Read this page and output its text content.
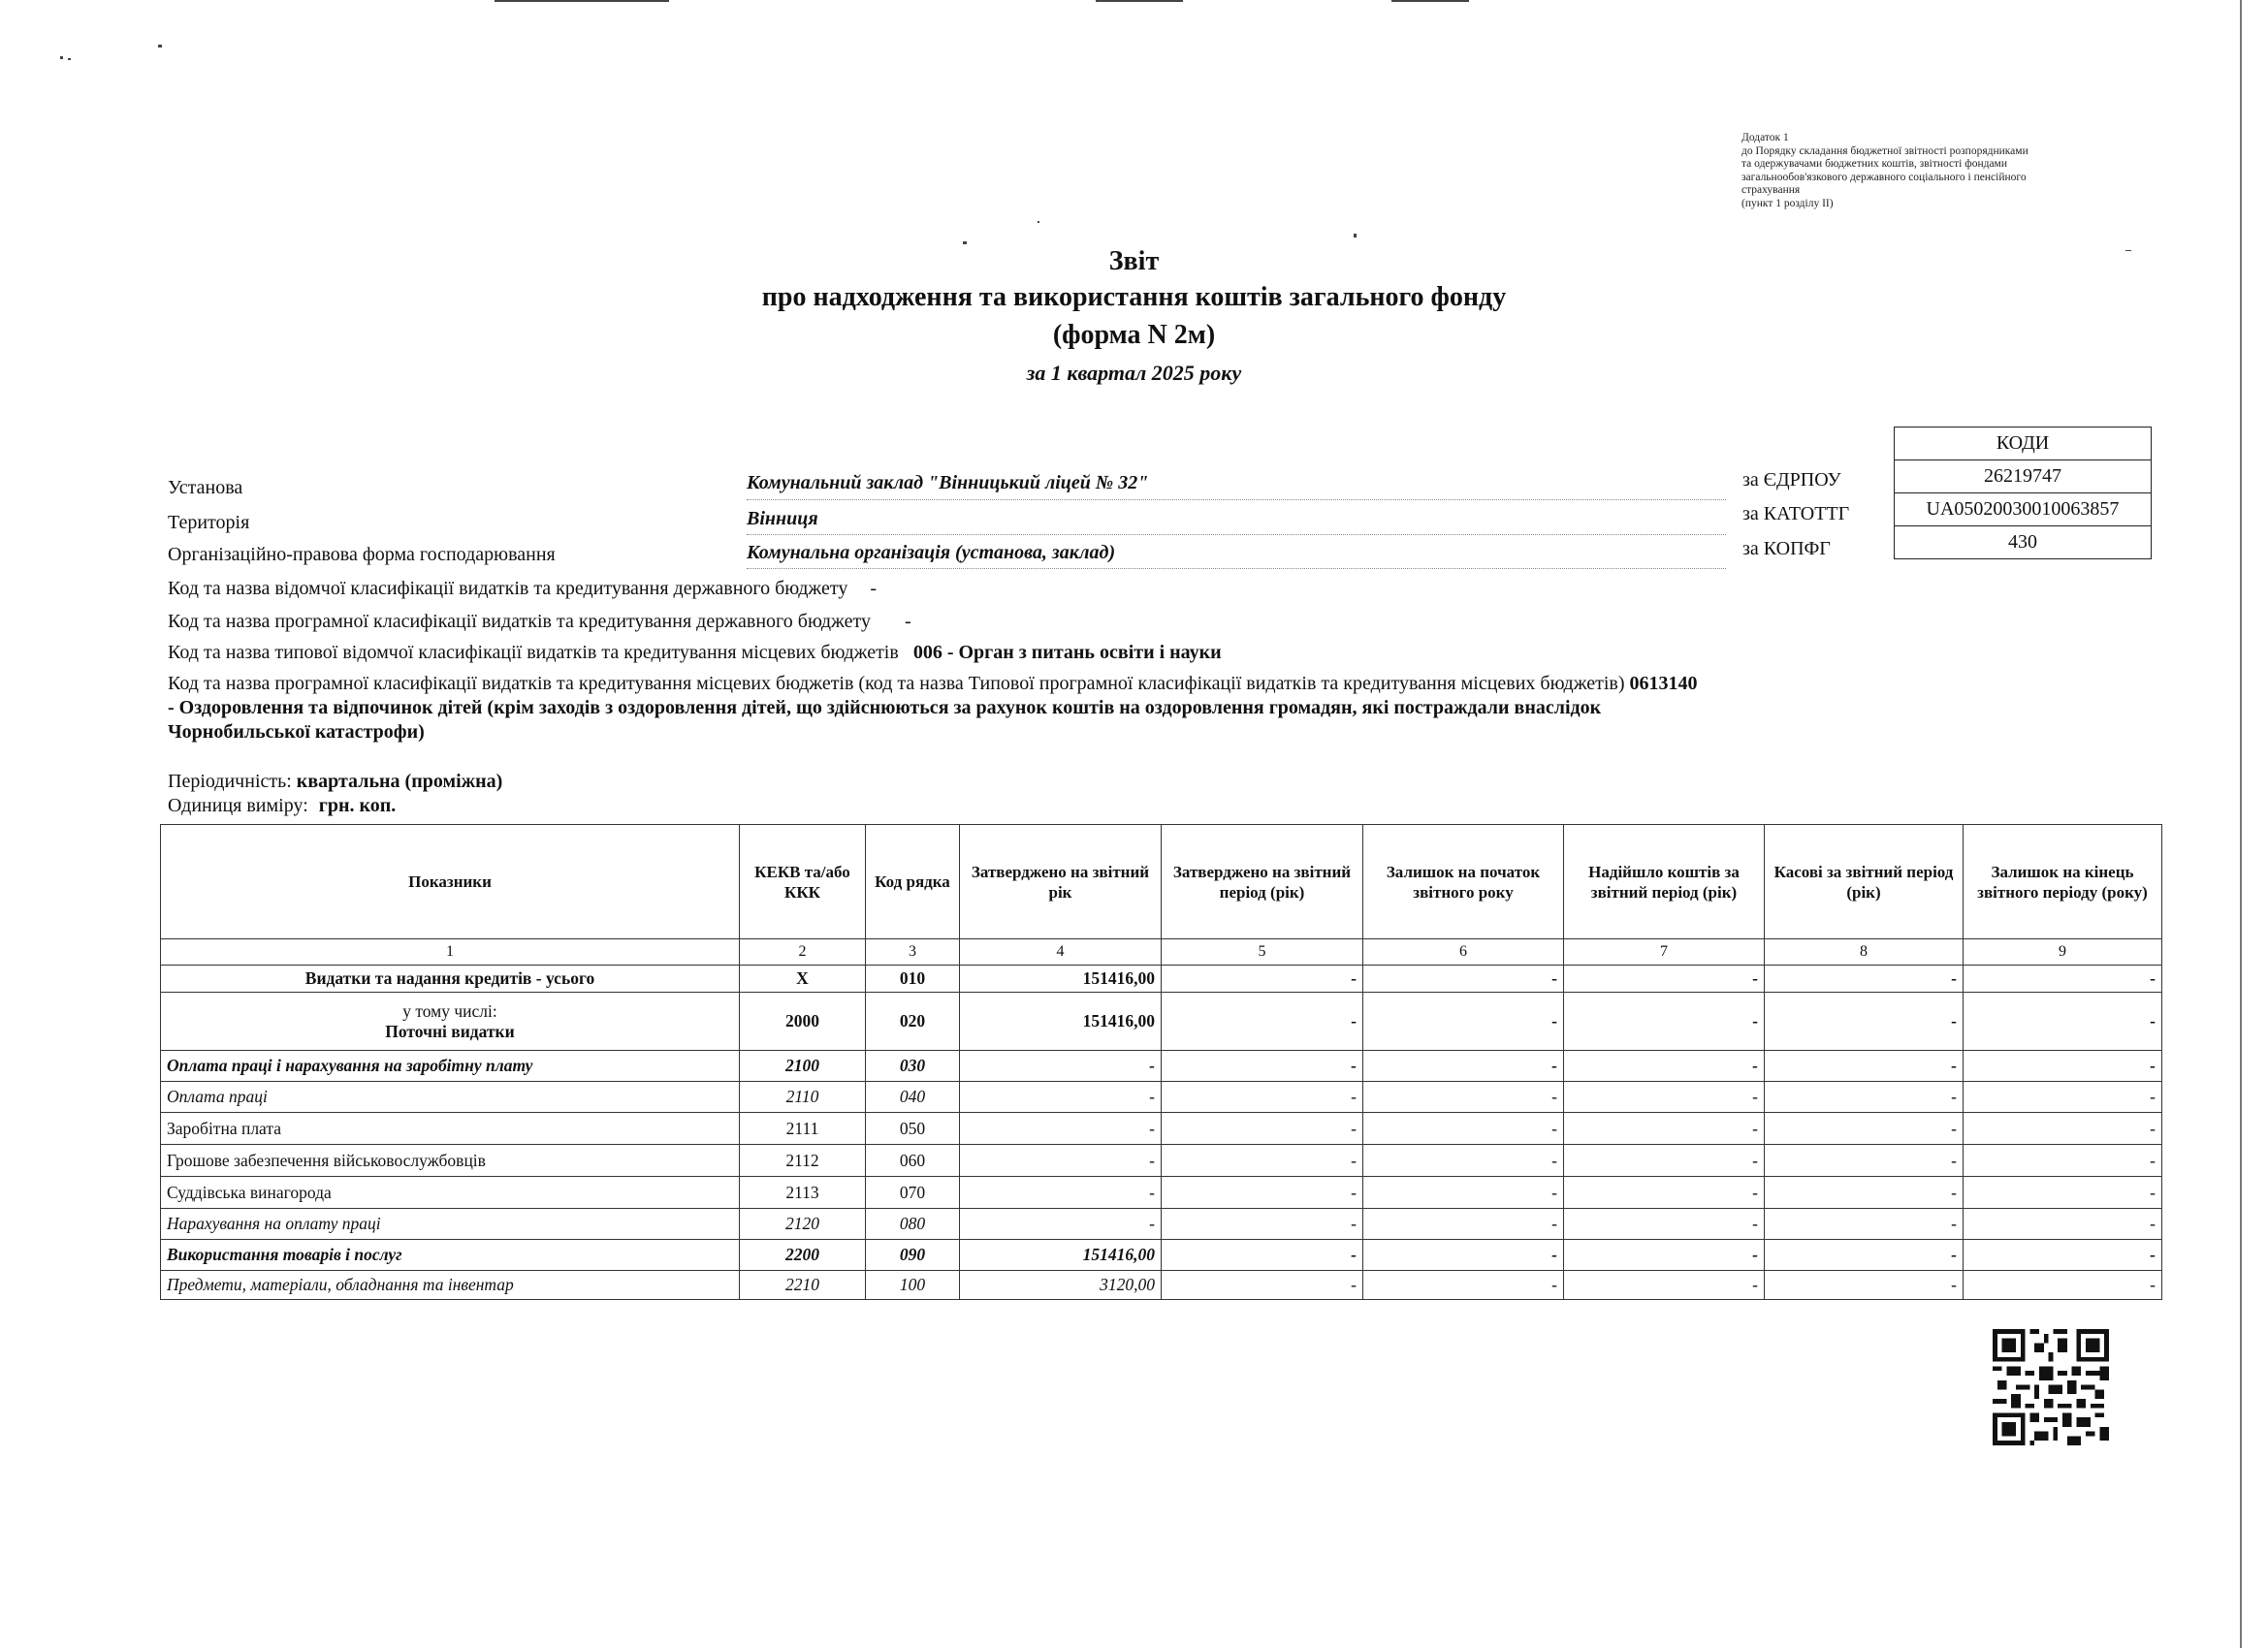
Додаток 1
до Порядку складання бюджетної звітності розпорядниками
та одержувачами бюджетних коштів, звітності фондами
загальнообов'язкового державного соціального і пенсійного
страхування
(пункт 1 розділу II)
Звіт
про надходження та використання коштів загального фонду
(форма N 2м)
за 1 квартал 2025 року
КОДИ
26219747
UA05020030010063857
430
за ЄДРПОУ
за КАТОТТГ
за КОПФГ
Установа	Комунальний заклад "Вінницький ліцей № 32"
Територія	Вінниця
Організаційно-правова форма господарювання	Комунальна організація (установа, заклад)
Код та назва відомчої класифікації видатків та кредитування державного бюджету -
Код та назва програмної класифікації видатків та кредитування державного бюджету -
Код та назва типової відомчої класифікації видатків та кредитування місцевих бюджетів 006 - Орган з питань освіти і науки
Код та назва програмної класифікації видатків та кредитування місцевих бюджетів (код та назва Типової програмної класифікації видатків та кредитування місцевих бюджетів) 0613140 - Оздоровлення та відпочинок дітей (крім заходів з оздоровлення дітей, що здійснюються за рахунок коштів на оздоровлення громадян, які постраждали внаслідок Чорнобильської катастрофи)
Періодичність: квартальна (проміжна)
Одиниця виміру: грн. коп.
Показники	КЕКВ та/або ККК	Код рядка	Затверджено на звітний рік	Затверджено на звітний період (рік)	Залишок на початок звітного року	Надійшло коштів за звітний період (рік)	Касові за звітний період (рік)	Залишок на кінець звітного періоду (року)
1	2	3	4	5	6	7	8	9
Видатки та надання кредитів - усього	X	010	151416,00	-	-	-	-	-

у тому числі:
Поточні видатки	2000	020	151416,00	-	-	-	-	-
Оплата праці і нарахування на заробітну плату	2100	030	-	-	-	-	-	-
Оплата праці	2110	040	-	-	-	-	-	-
Заробітна плата	2111	050	-	-	-	-	-	-
Грошове забезпечення військовослужбовців	2112	060	-	-	-	-	-	-
Суддівська винагорода	2113	070	-	-	-	-	-	-
Нарахування на оплату праці	2120	080	-	-	-	-	-	-
Використання товарів і послуг	2200	090	151416,00	-	-	-	-	-
Предмети, матеріали, обладнання та інвентар	2210	100	3120,00	-	-	-	-	-
